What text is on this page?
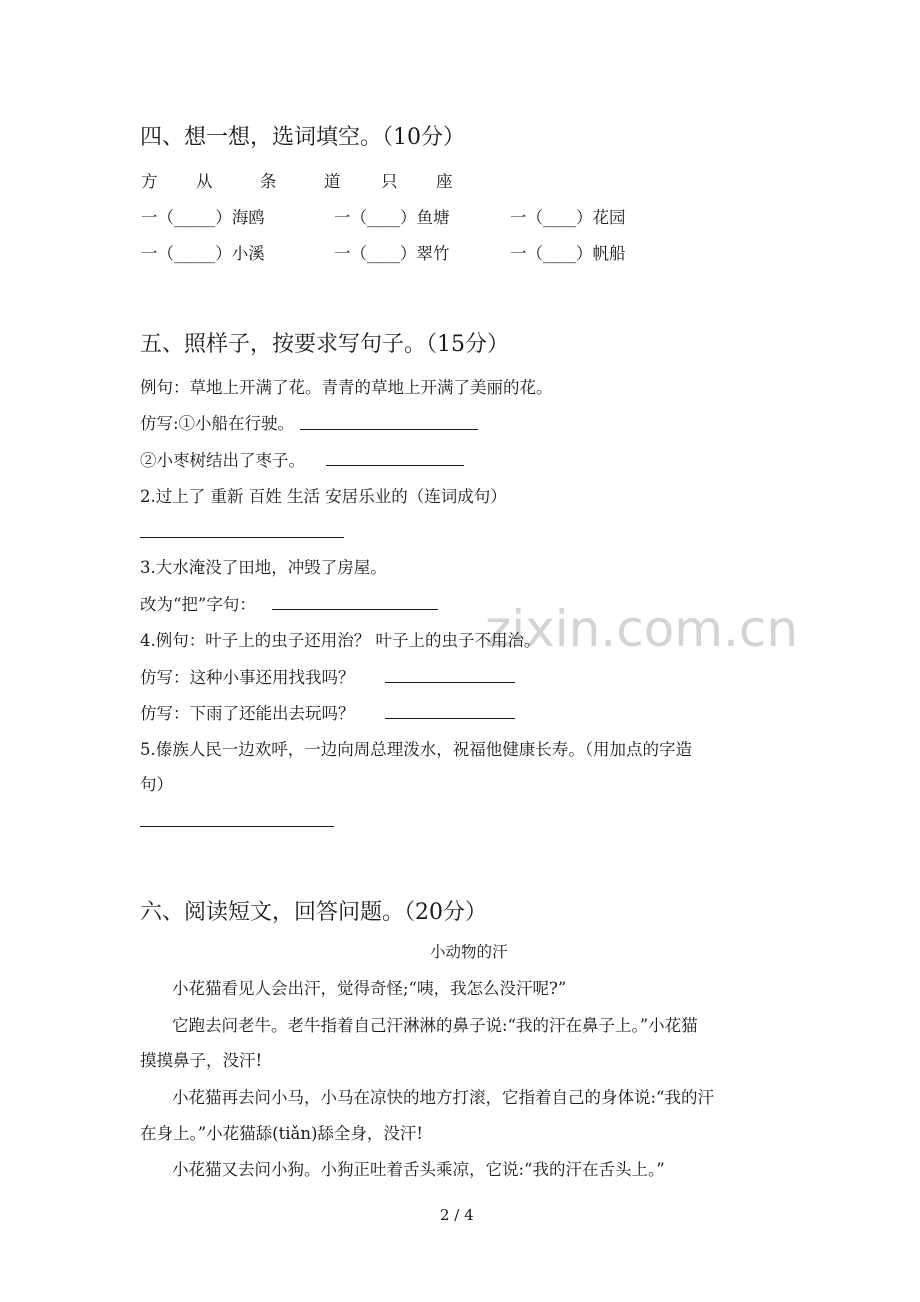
zixin.com.cn
四、想一想，选词填空。（10分）
方 从	条	道 只 座
一（_____）海鸥	一（____）鱼塘	一（____）花园
一（_____）小溪	一（____）翠竹	一（____）帆船
五、照样子，按要求写句子。（15分）
例句：草地上开满了花。青青的草地上开满了美丽的花。
仿写:①小船在行驶。
②小枣树结出了枣子。
2.过上了 重新 百姓 生活 安居乐业的（连词成句）
3.大水淹没了田地，冲毁了房屋。
改为“把”字句：
4.例句：叶子上的虫子还用治？ 叶子上的虫子不用治。
仿写：这种小事还用找我吗？
仿写：下雨了还能出去玩吗？
5.傣族人民一边欢呼，一边向周总理泼水，祝福他健康长寿。（用加点的字造
句）
六、阅读短文，回答问题。（20分）
小动物的汗
小花猫看见人会出汗，觉得奇怪;“咦，我怎么没汗呢?”
它跑去问老牛。老牛指着自己汗淋淋的鼻子说:“我的汗在鼻子上。”小花猫
摸摸鼻子，没汗!
小花猫再去问小马，小马在凉快的地方打滚，它指着自己的身体说:“我的汗
在身上。”小花猫舔(tiǎn)舔全身，没汗!
小花猫又去问小狗。小狗正吐着舌头乘凉，它说:“我的汗在舌头上。”
2 / 4
